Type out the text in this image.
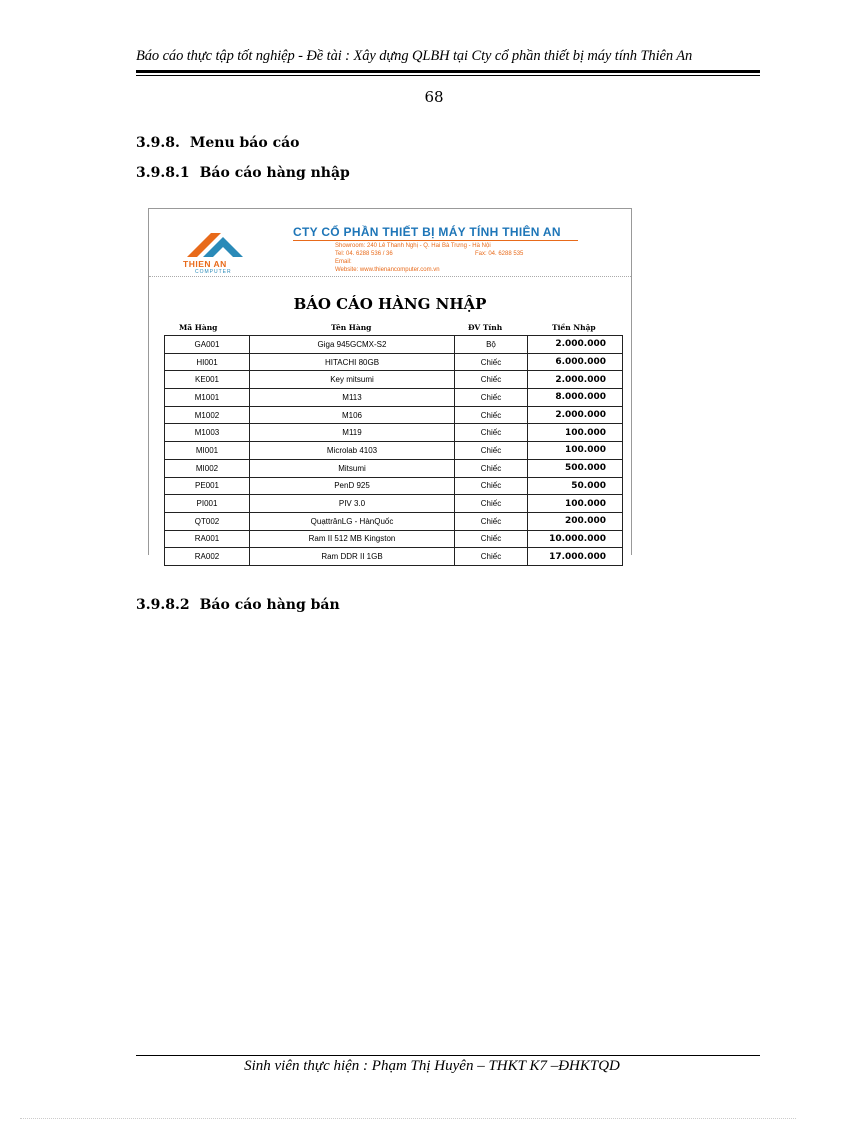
Báo cáo thực tập tốt nghiệp - Đề tài : Xây dựng QLBH tại Cty cổ phần thiết bị máy tính Thiên An
68
3.9.8. Menu báo cáo
3.9.8.1 Báo cáo hàng nhập
THIEN AN
COMPUTER
CTY CỔ PHẦN THIẾT BỊ MÁY TÍNH THIÊN AN
Showroom: 240 Lê Thanh Nghị - Q. Hai Bà Trưng - Hà Nội
Tel: 04. 6288 536 / 36	Fax: 04. 6288 535
Email:
Website: www.thienancomputer.com.vn
BÁO CÁO HÀNG NHẬP
Mã Hàng	Tên Hàng	ĐV Tính	Tiền Nhập
GA001	Giga 945GCMX-S2	Bộ	2.000.000
HI001	HITACHI 80GB	Chiếc	6.000.000
KE001	Key mitsumi	Chiếc	2.000.000
M1001	M113	Chiếc	8.000.000
M1002	M106	Chiếc	2.000.000
M1003	M119	Chiếc	100.000
MI001	Microlab 4103	Chiếc	100.000
MI002	Mitsumi	Chiếc	500.000
PE001	PenD 925	Chiếc	50.000
PI001	PIV 3.0	Chiếc	100.000
QT002	QuạttrânLG - HànQuốc	Chiếc	200.000
RA001	Ram II 512 MB Kingston	Chiếc	10.000.000
RA002	Ram DDR II 1GB	Chiếc	17.000.000
3.9.8.2 Báo cáo hàng bán
Sinh viên thực hiện : Phạm Thị Huyên – THKT K7 –ĐHKTQD
